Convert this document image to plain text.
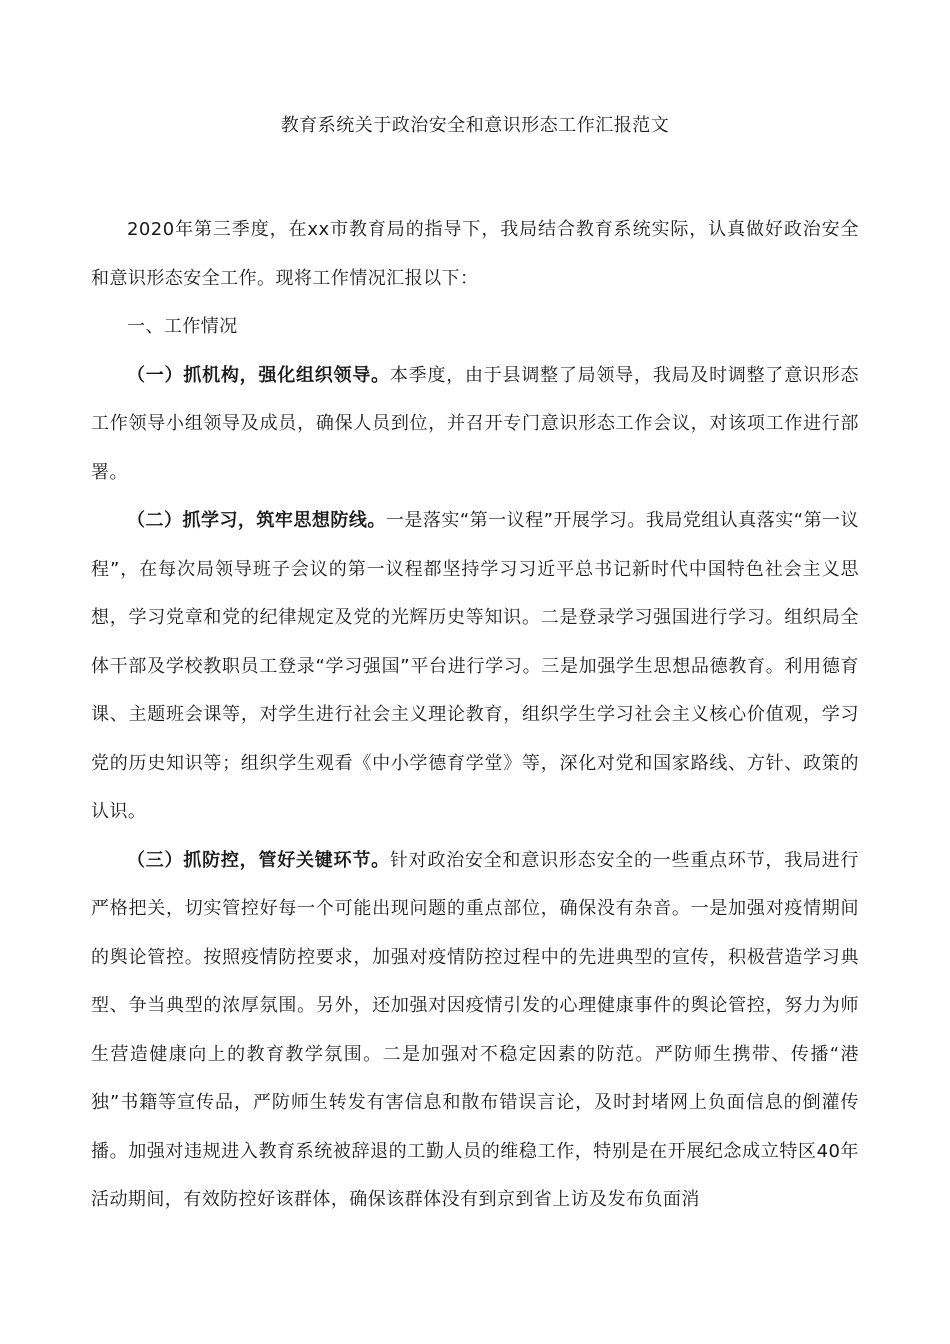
教育系统关于政治安全和意识形态工作汇报范文

2020年第三季度，在xx市教育局的指导下，我局结合教育系统实际，认真做好政治安全和意识形态安全工作。现将工作情况汇报以下：

一、工作情况

（一）抓机构，强化组织领导。本季度，由于县调整了局领导，我局及时调整了意识形态工作领导小组领导及成员，确保人员到位，并召开专门意识形态工作会议，对该项工作进行部署。

（二）抓学习，筑牢思想防线。一是落实“第一议程”开展学习。我局党组认真落实“第一议程”，在每次局领导班子会议的第一议程都坚持学习习近平总书记新时代中国特色社会主义思想，学习党章和党的纪律规定及党的光辉历史等知识。二是登录学习强国进行学习。组织局全体干部及学校教职员工登录“学习强国”平台进行学习。三是加强学生思想品德教育。利用德育课、主题班会课等，对学生进行社会主义理论教育，组织学生学习社会主义核心价值观，学习党的历史知识等；组织学生观看《中小学德育学堂》等，深化对党和国家路线、方针、政策的认识。

（三）抓防控，管好关键环节。针对政治安全和意识形态安全的一些重点环节，我局进行严格把关，切实管控好每一个可能出现问题的重点部位，确保没有杂音。一是加强对疫情期间的舆论管控。按照疫情防控要求，加强对疫情防控过程中的先进典型的宣传，积极营造学习典型、争当典型的浓厚氛围。另外，还加强对因疫情引发的心理健康事件的舆论管控，努力为师生营造健康向上的教育教学氛围。二是加强对不稳定因素的防范。严防师生携带、传播“港独”书籍等宣传品，严防师生转发有害信息和散布错误言论，及时封堵网上负面信息的倒灌传播。加强对违规进入教育系统被辞退的工勤人员的维稳工作，特别是在开展纪念成立特区40年活动期间，有效防控好该群体，确保该群体没有到京到省上访及发布负面消
